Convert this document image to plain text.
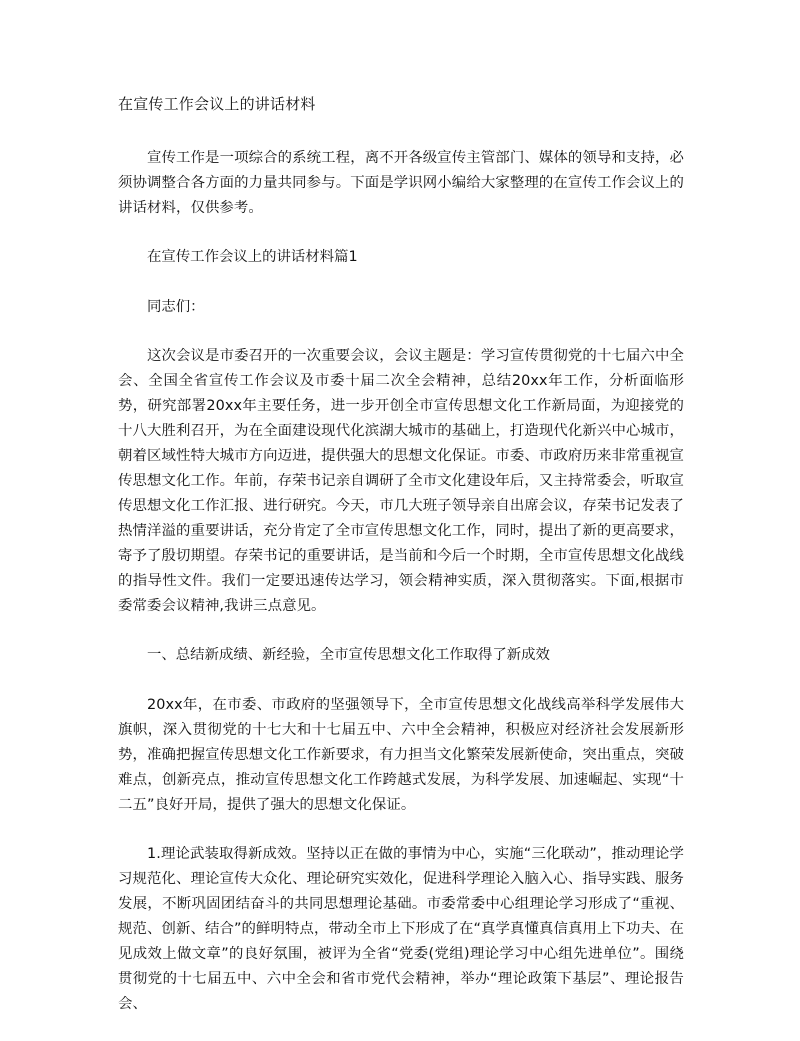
在宣传工作会议上的讲话材料
宣传工作是一项综合的系统工程，离不开各级宣传主管部门、媒体的领导和支持，必须协调整合各方面的力量共同参与。下面是学识网小编给大家整理的在宣传工作会议上的讲话材料，仅供参考。
在宣传工作会议上的讲话材料篇1
同志们：
这次会议是市委召开的一次重要会议，会议主题是：学习宣传贯彻党的十七届六中全会、全国全省宣传工作会议及市委十届二次全会精神，总结20xx年工作，分析面临形势，研究部署20xx年主要任务，进一步开创全市宣传思想文化工作新局面，为迎接党的十八大胜利召开，为在全面建设现代化滨湖大城市的基础上，打造现代化新兴中心城市，朝着区域性特大城市方向迈进，提供强大的思想文化保证。市委、市政府历来非常重视宣传思想文化工作。年前，存荣书记亲自调研了全市文化建设年后，又主持常委会，听取宣传思想文化工作汇报、进行研究。今天，市几大班子领导亲自出席会议，存荣书记发表了热情洋溢的重要讲话，充分肯定了全市宣传思想文化工作，同时，提出了新的更高要求，寄予了殷切期望。存荣书记的重要讲话，是当前和今后一个时期，全市宣传思想文化战线的指导性文件。我们一定要迅速传达学习，领会精神实质，深入贯彻落实。下面,根据市委常委会议精神,我讲三点意见。
一、总结新成绩、新经验，全市宣传思想文化工作取得了新成效
20xx年，在市委、市政府的坚强领导下，全市宣传思想文化战线高举科学发展伟大旗帜，深入贯彻党的十七大和十七届五中、六中全会精神，积极应对经济社会发展新形势，准确把握宣传思想文化工作新要求，有力担当文化繁荣发展新使命，突出重点，突破难点，创新亮点，推动宣传思想文化工作跨越式发展，为科学发展、加速崛起、实现“十二五”良好开局，提供了强大的思想文化保证。
1.理论武装取得新成效。坚持以正在做的事情为中心，实施“三化联动”，推动理论学习规范化、理论宣传大众化、理论研究实效化，促进科学理论入脑入心、指导实践、服务发展，不断巩固团结奋斗的共同思想理论基础。市委常委中心组理论学习形成了“重视、规范、创新、结合”的鲜明特点，带动全市上下形成了在“真学真懂真信真用上下功夫、在见成效上做文章”的良好氛围，被评为全省“党委(党组)理论学习中心组先进单位”。围绕贯彻党的十七届五中、六中全会和省市党代会精神，举办“理论政策下基层”、理论报告会、
